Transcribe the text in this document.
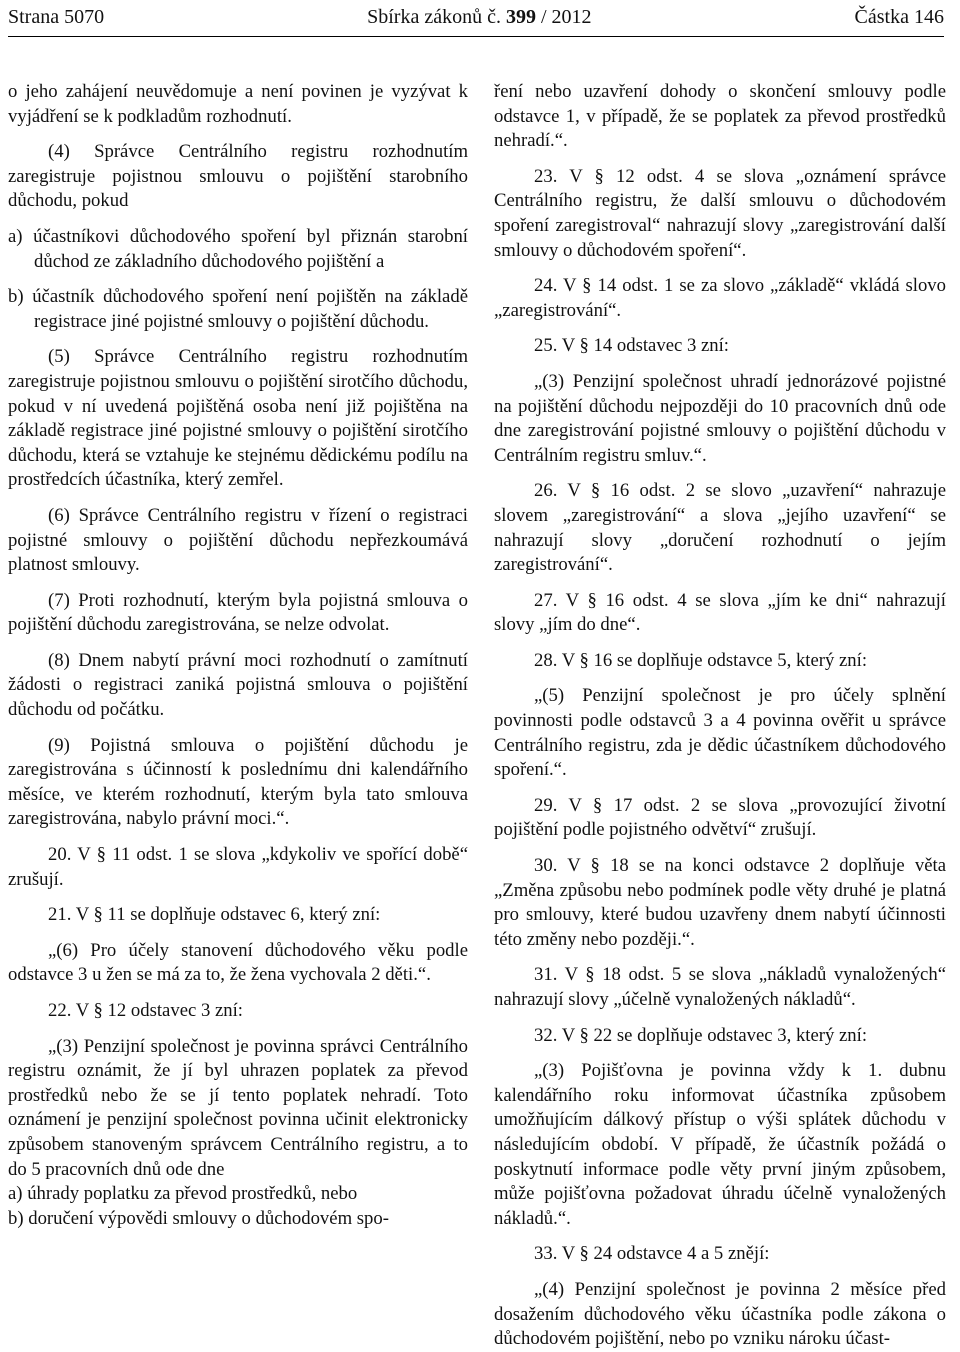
Strana 5070	Sbírka zákonů č. 399 / 2012	Částka 146

o jeho zahájení neuvědomuje a není povinen je vyzývat k vyjádření se k podkladům rozhodnutí.

(4) Správce Centrálního registru rozhodnutím zaregistruje pojistnou smlouvu o pojištění starobního důchodu, pokud

a) účastníkovi důchodového spoření byl přiznán starobní důchod ze základního důchodového pojištění a

b) účastník důchodového spoření není pojištěn na základě registrace jiné pojistné smlouvy o pojištění důchodu.

(5) Správce Centrálního registru rozhodnutím zaregistruje pojistnou smlouvu o pojištění sirotčího důchodu, pokud v ní uvedená pojištěná osoba není již pojištěna na základě registrace jiné pojistné smlouvy o pojištění sirotčího důchodu, která se vztahuje ke stejnému dědickému podílu na prostředcích účastníka, který zemřel.

(6) Správce Centrálního registru v řízení o registraci pojistné smlouvy o pojištění důchodu nepřezkoumává platnost smlouvy.

(7) Proti rozhodnutí, kterým byla pojistná smlouva o pojištění důchodu zaregistrována, se nelze odvolat.

(8) Dnem nabytí právní moci rozhodnutí o zamítnutí žádosti o registraci zaniká pojistná smlouva o pojištění důchodu od počátku.

(9) Pojistná smlouva o pojištění důchodu je zaregistrována s účinností k poslednímu dni kalendářního měsíce, ve kterém rozhodnutí, kterým byla tato smlouva zaregistrována, nabylo právní moci.“.

20. V § 11 odst. 1 se slova „kdykoliv ve spořící době“ zrušují.

21. V § 11 se doplňuje odstavec 6, který zní:

„(6) Pro účely stanovení důchodového věku podle odstavce 3 u žen se má za to, že žena vychovala 2 děti.“.

22. V § 12 odstavec 3 zní:

„(3) Penzijní společnost je povinna správci Centrálního registru oznámit, že jí byl uhrazen poplatek za převod prostředků nebo že se jí tento poplatek nehradí. Toto oznámení je penzijní společnost povinna učinit elektronicky způsobem stanoveným správcem Centrálního registru, a to do 5 pracovních dnů ode dne

a) úhrady poplatku za převod prostředků, nebo

b) doručení výpovědi smlouvy o důchodovém spo-

ření nebo uzavření dohody o skončení smlouvy podle odstavce 1, v případě, že se poplatek za převod prostředků nehradí.“.

23. V § 12 odst. 4 se slova „oznámení správce Centrálního registru, že další smlouvu o důchodovém spoření zaregistroval“ nahrazují slovy „zaregistrování další smlouvy o důchodovém spoření“.

24. V § 14 odst. 1 se za slovo „základě“ vkládá slovo „zaregistrování“.

25. V § 14 odstavec 3 zní:

„(3) Penzijní společnost uhradí jednorázové pojistné na pojištění důchodu nejpozději do 10 pracovních dnů ode dne zaregistrování pojistné smlouvy o pojištění důchodu v Centrálním registru smluv.“.

26. V § 16 odst. 2 se slovo „uzavření“ nahrazuje slovem „zaregistrování“ a slova „jejího uzavření“ se nahrazují slovy „doručení rozhodnutí o jejím zaregistrování“.

27. V § 16 odst. 4 se slova „jím ke dni“ nahrazují slovy „jím do dne“.

28. V § 16 se doplňuje odstavce 5, který zní:

„(5) Penzijní společnost je pro účely splnění povinnosti podle odstavců 3 a 4 povinna ověřit u správce Centrálního registru, zda je dědic účastníkem důchodového spoření.“.

29. V § 17 odst. 2 se slova „provozující životní pojištění podle pojistného odvětví“ zrušují.

30. V § 18 se na konci odstavce 2 doplňuje věta „Změna způsobu nebo podmínek podle věty druhé je platná pro smlouvy, které budou uzavřeny dnem nabytí účinnosti této změny nebo později.“.

31. V § 18 odst. 5 se slova „nákladů vynaložených“ nahrazují slovy „účelně vynaložených nákladů“.

32. V § 22 se doplňuje odstavec 3, který zní:

„(3) Pojišťovna je povinna vždy k 1. dubnu kalendářního roku informovat účastníka způsobem umožňujícím dálkový přístup o výši splátek důchodu v následujícím období. V případě, že účastník požádá o poskytnutí informace podle věty první jiným způsobem, může pojišťovna požadovat úhradu účelně vynaložených nákladů.“.

33. V § 24 odstavce 4 a 5 znějí:

„(4) Penzijní společnost je povinna 2 měsíce před dosažením důchodového věku účastníka podle zákona o důchodovém pojištění, nebo po vzniku nároku účast-
